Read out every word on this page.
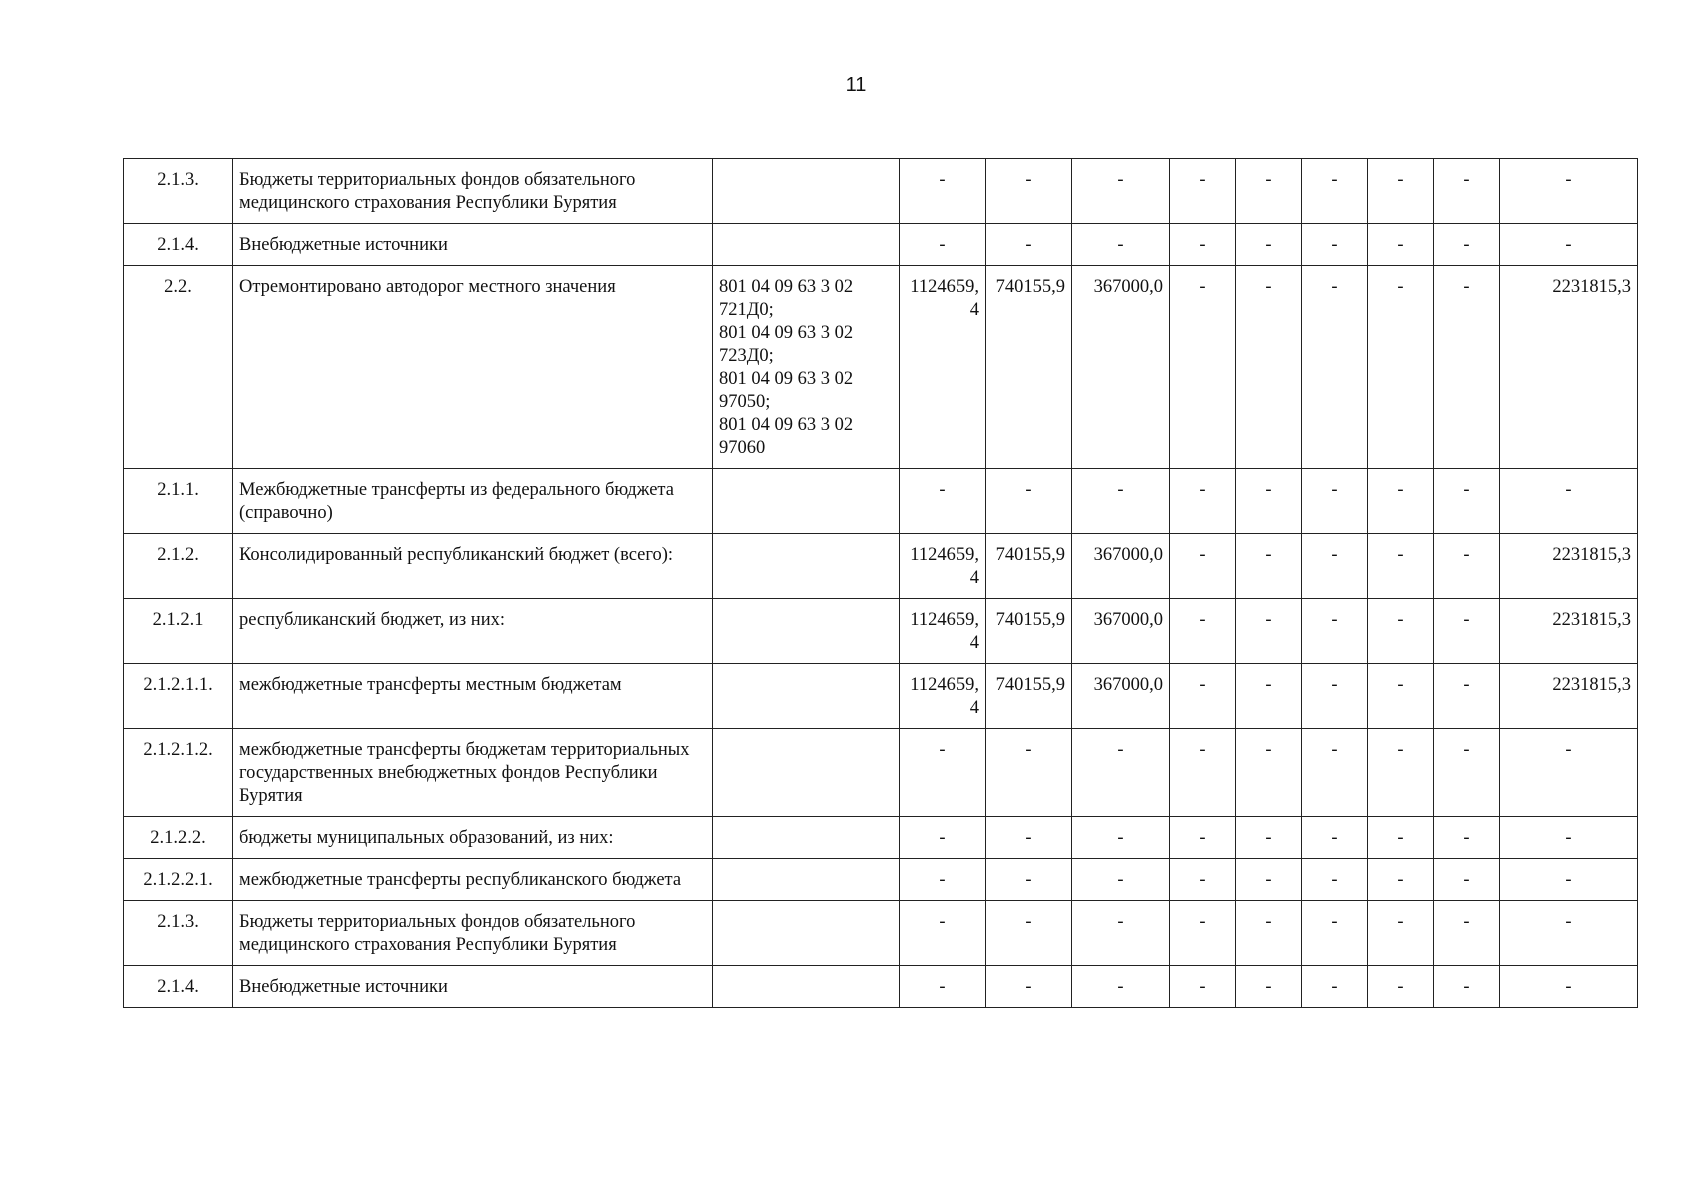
11
2.1.3.	Бюджеты территориальных фондов обязательного медицинского страхования Республики Бурятия		-	-	-	-	-	-	-	-	-
2.1.4.	Внебюджетные источники		-	-	-	-	-	-	-	-	-
2.2.	Отремонтировано автодорог местного значения	801 04 09 63 3 02 721Д0;
801 04 09 63 3 02 723Д0;
801 04 09 63 3 02 97050;
801 04 09 63 3 02 97060	1124659,4	740155,9	367000,0	-	-	-	-	-	2231815,3
2.1.1.	Межбюджетные трансферты из федерального бюджета (справочно)		-	-	-	-	-	-	-	-	-
2.1.2.	Консолидированный республиканский бюджет (всего):		1124659,4	740155,9	367000,0	-	-	-	-	-	2231815,3
2.1.2.1	республиканский бюджет, из них:		1124659,4	740155,9	367000,0	-	-	-	-	-	2231815,3
2.1.2.1.1.	межбюджетные трансферты местным бюджетам		1124659,4	740155,9	367000,0	-	-	-	-	-	2231815,3
2.1.2.1.2.	межбюджетные трансферты бюджетам территориальных государственных внебюджетных фондов Республики Бурятия		-	-	-	-	-	-	-	-	-
2.1.2.2.	бюджеты муниципальных образований, из них:		-	-	-	-	-	-	-	-	-
2.1.2.2.1.	межбюджетные трансферты республиканского бюджета		-	-	-	-	-	-	-	-	-
2.1.3.	Бюджеты территориальных фондов обязательного медицинского страхования Республики Бурятия		-	-	-	-	-	-	-	-	-
2.1.4.	Внебюджетные источники		-	-	-	-	-	-	-	-	-
